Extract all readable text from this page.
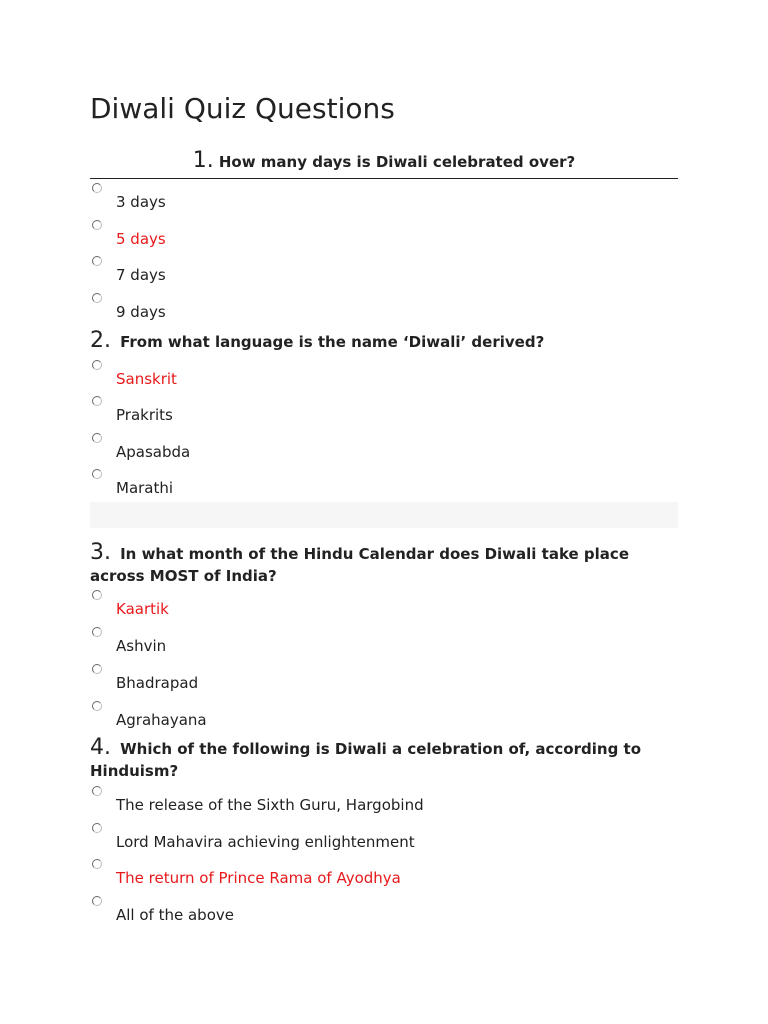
Diwali Quiz Questions
1. How many days is Diwali celebrated over?
3 days
5 days
7 days
9 days
2. From what language is the name ‘Diwali’ derived?
Sanskrit
Prakrits
Apasabda
Marathi
3. In what month of the Hindu Calendar does Diwali take place across MOST of India?
Kaartik
Ashvin
Bhadrapad
Agrahayana
4. Which of the following is Diwali a celebration of, according to Hinduism?
The release of the Sixth Guru, Hargobind
Lord Mahavira achieving enlightenment
The return of Prince Rama of Ayodhya
All of the above
